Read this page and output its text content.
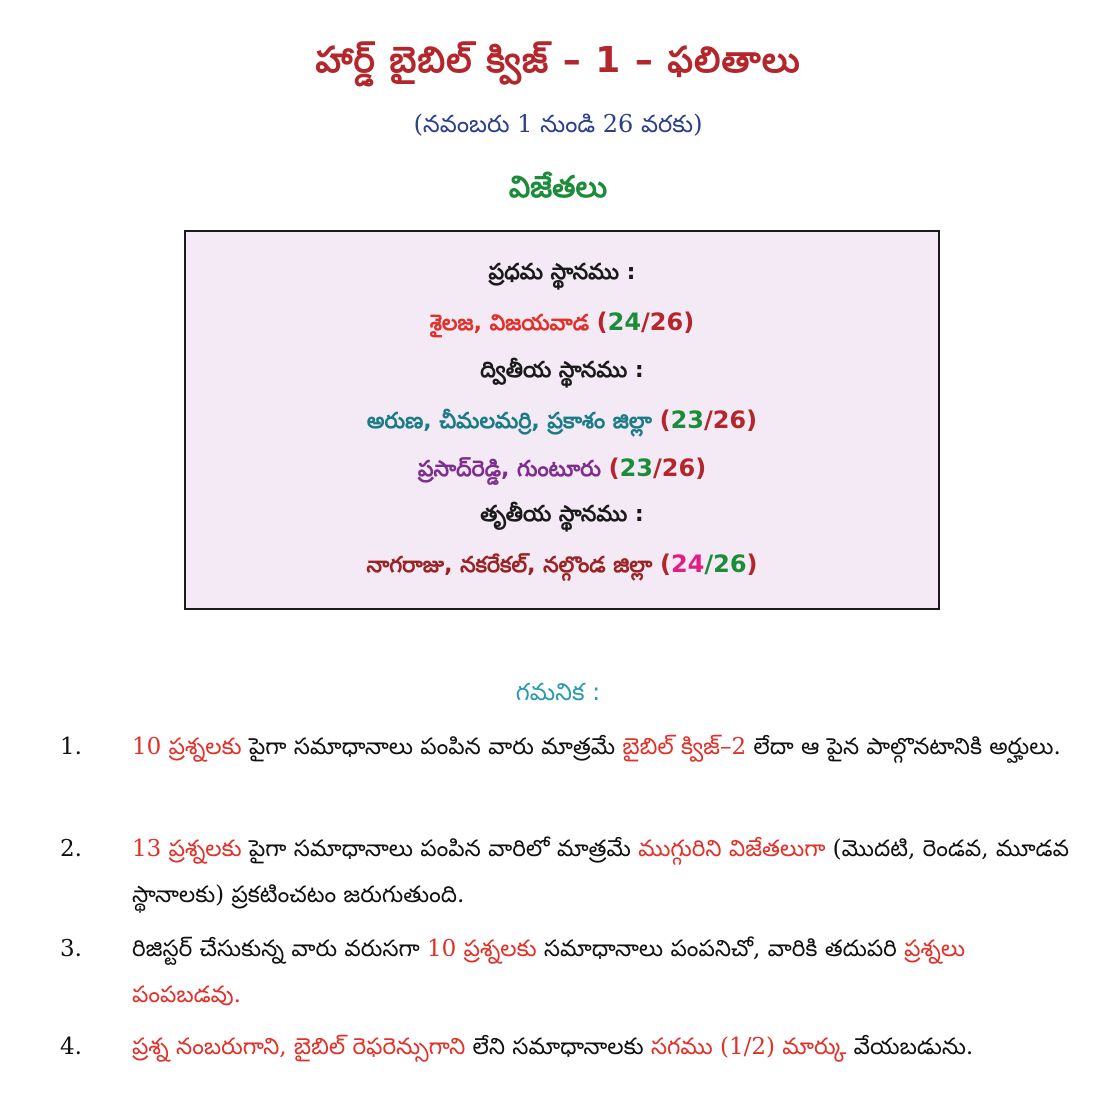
హార్డ్ బైబిల్ క్విజ్ – 1 – ఫలితాలు
(నవంబరు 1 నుండి 26 వరకు)
విజేతలు
ప్రధమ స్థానము :
శైలజ, విజయవాడ (24/26)
ద్వితీయ స్థానము :
అరుణ, చీమలమర్రి, ప్రకాశం జిల్లా (23/26)
ప్రసాద్‌రెడ్డి, గుంటూరు (23/26)
తృతీయ స్థానము :
నాగరాజు, నకరేకల్, నల్గొండ జిల్లా (24/26)
గమనిక :
1.	10 ప్రశ్నలకు పైగా సమాధానాలు పంపిన వారు మాత్రమే బైబిల్ క్విజ్–2 లేదా ఆ పైన పాల్గొనటానికి అర్హులు.
2.	13 ప్రశ్నలకు పైగా సమాధానాలు పంపిన వారిలో మాత్రమే ముగ్గురిని విజేతలుగా (మొదటి, రెండవ, మూడవ స్థానాలకు) ప్రకటించటం జరుగుతుంది.
3.	రిజిస్టర్ చేసుకున్న వారు వరుసగా 10 ప్రశ్నలకు సమాధానాలు పంపనిచో, వారికి తదుపరి ప్రశ్నలు పంపబడవు.
4.	ప్రశ్న నంబరుగాని, బైబిల్ రెఫరెన్సుగాని లేని సమాధానాలకు సగము (1/2) మార్కు వేయబడును.
